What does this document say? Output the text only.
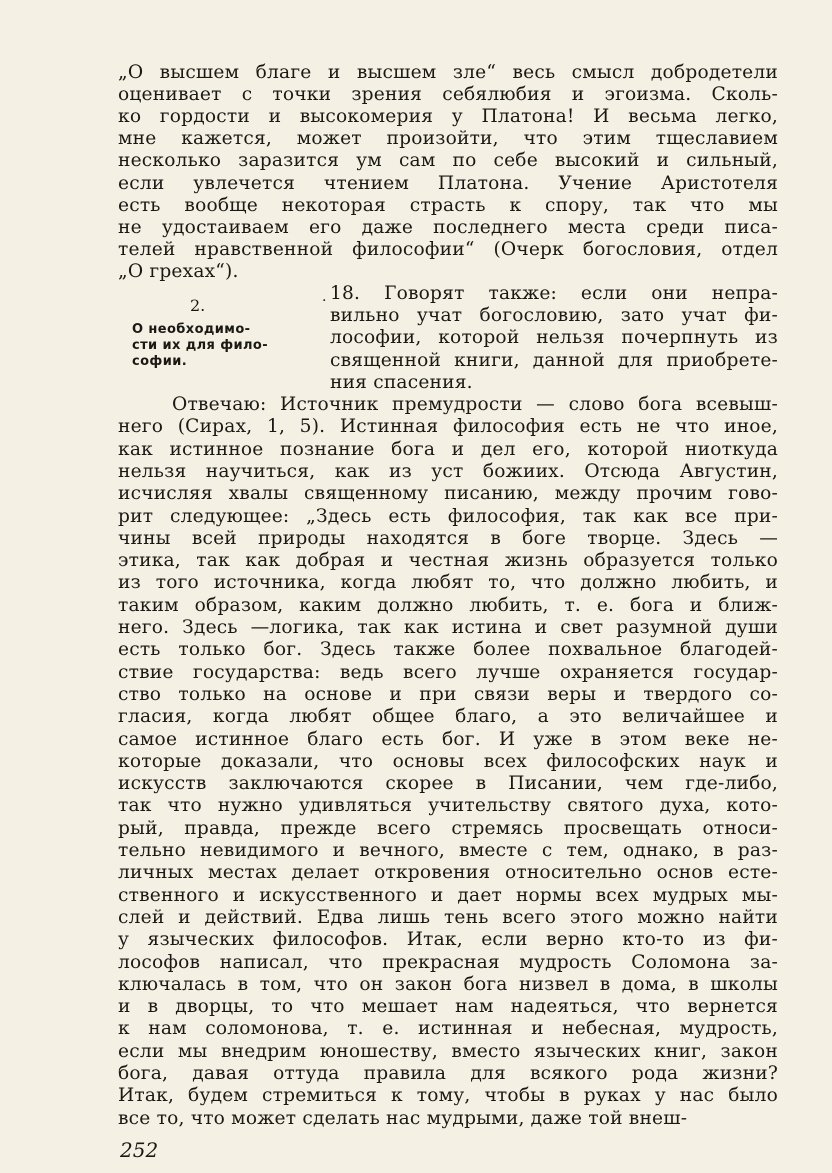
„О высшем благе и высшем зле“ весь смысл добродетели
оценивает с точки зрения себялюбия и эгоизма. Сколь-
ко гордости и высокомерия у Платона! И весьма легко,
мне кажется, может произойти, что этим тщеславием
несколько заразится ум сам по себе высокий и сильный,
если увлечется чтением Платона. Учение Аристотеля
есть вообще некоторая страсть к спору, так что мы
не удостаиваем его даже последнего места среди писа-
телей нравственной философии“ (Очерк богословия, отдел
„О грехах“).
·
2.
О необходимо-
сти их для фило-
софии.
18. Говорят также: если они непра-
вильно учат богословию, зато учат фи-
лософии, которой нельзя почерпнуть из
священной книги, данной для приобрете-
ния спасения.
Отвечаю: Источник премудрости — слово бога всевыш-
него (Сирах, 1, 5). Истинная философия есть не что иное,
как истинное познание бога и дел его, которой ниоткуда
нельзя научиться, как из уст божиих. Отсюда Августин,
исчисляя хвалы священному писанию, между прочим гово-
рит следующее: „Здесь есть философия, так как все при-
чины всей природы находятся в боге творце. Здесь —
этика, так как добрая и честная жизнь образуется только
из того источника, когда любят то, что должно любить, и
таким образом, каким должно любить, т. е. бога и ближ-
него. Здесь —логика, так как истина и свет разумной души
есть только бог. Здесь также более похвальное благодей-
ствие государства: ведь всего лучше охраняется государ-
ство только на основе и при связи веры и твердого со-
гласия, когда любят общее благо, а это величайшее и
самое истинное благо есть бог. И уже в этом веке не-
которые доказали, что основы всех философских наук и
искусств заключаются скорее в Писании, чем где-либо,
так что нужно удивляться учительству святого духа, кото-
рый, правда, прежде всего стремясь просвещать относи-
тельно невидимого и вечного, вместе с тем, однако, в раз-
личных местах делает откровения относительно основ есте-
ственного и искусственного и дает нормы всех мудрых мы-
слей и действий. Едва лишь тень всего этого можно найти
у языческих философов. Итак, если верно кто-то из фи-
лософов написал, что прекрасная мудрость Соломона за-
ключалась в том, что он закон бога низвел в дома, в школы
и в дворцы, то что мешает нам надеяться, что вернется
к нам соломонова, т. е. истинная и небесная, мудрость,
если мы внедрим юношеству, вместо языческих книг, закон
бога, давая оттуда правила для всякого рода жизни?
Итак, будем стремиться к тому, чтобы в руках у нас было
все то, что может сделать нас мудрыми, даже той внеш-
252
